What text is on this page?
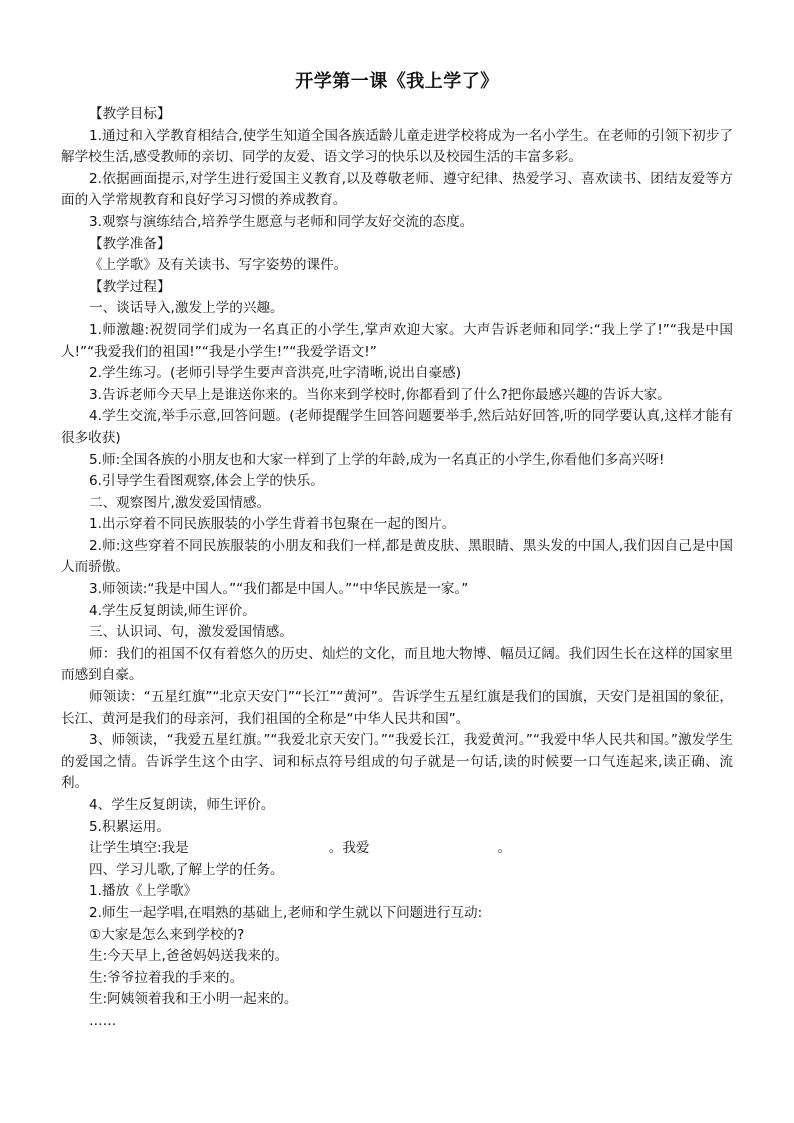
开学第一课《我上学了》

【教学目标】

1.通过和入学教育相结合,使学生知道全国各族适龄儿童走进学校将成为一名小学生。在老师的引领下初步了解学校生活,感受教师的亲切、同学的友爱、语文学习的快乐以及校园生活的丰富多彩。

2.依据画面提示,对学生进行爱国主义教育,以及尊敬老师、遵守纪律、热爱学习、喜欢读书、团结友爱等方面的入学常规教育和良好学习习惯的养成教育。

3.观察与演练结合,培养学生愿意与老师和同学友好交流的态度。

【教学准备】

《上学歌》及有关读书、写字姿势的课件。

【教学过程】

一、谈话导入,激发上学的兴趣。

1.师激趣:祝贺同学们成为一名真正的小学生,掌声欢迎大家。大声告诉老师和同学:“我上学了!”“我是中国人!”“我爱我们的祖国!”“我是小学生!”“我爱学语文!”

2.学生练习。(老师引导学生要声音洪亮,吐字清晰,说出自豪感)

3.告诉老师今天早上是谁送你来的。当你来到学校时,你都看到了什么?把你最感兴趣的告诉大家。

4.学生交流,举手示意,回答问题。(老师提醒学生回答问题要举手,然后站好回答,听的同学要认真,这样才能有很多收获)

5.师:全国各族的小朋友也和大家一样到了上学的年龄,成为一名真正的小学生,你看他们多高兴呀!

6.引导学生看图观察,体会上学的快乐。

二、观察图片,激发爱国情感。

1.出示穿着不同民族服装的小学生背着书包聚在一起的图片。

2.师:这些穿着不同民族服装的小朋友和我们一样,都是黄皮肤、黑眼睛、黑头发的中国人,我们因自己是中国人而骄傲。

3.师领读:“我是中国人。”“我们都是中国人。”“中华民族是一家。”

4.学生反复朗读,师生评价。

三、认识词、句，激发爱国情感。

师：我们的祖国不仅有着悠久的历史、灿烂的文化，而且地大物博、幅员辽阔。我们因生长在这样的国家里而感到自豪。

师领读：“五星红旗”“北京天安门”“长江”“黄河”。告诉学生五星红旗是我们的国旗，天安门是祖国的象征，长江、黄河是我们的母亲河，我们祖国的全称是“中华人民共和国”。

3、师领读，“我爱五星红旗。”“我爱北京天安门。”“我爱长江，我爱黄河。”“我爱中华人民共和国。”激发学生的爱国之情。告诉学生这个由字、词和标点符号组成的句子就是一句话,读的时候要一口气连起来,读正确、流利。

4、学生反复朗读，师生评价。

5.积累运用。

让学生填空:我是	。我爱	。

四、学习儿歌,了解上学的任务。

1.播放《上学歌》

2.师生一起学唱,在唱熟的基础上,老师和学生就以下问题进行互动:

①大家是怎么来到学校的?

生:今天早上,爸爸妈妈送我来的。

生:爷爷拉着我的手来的。

生:阿姨领着我和王小明一起来的。

……
